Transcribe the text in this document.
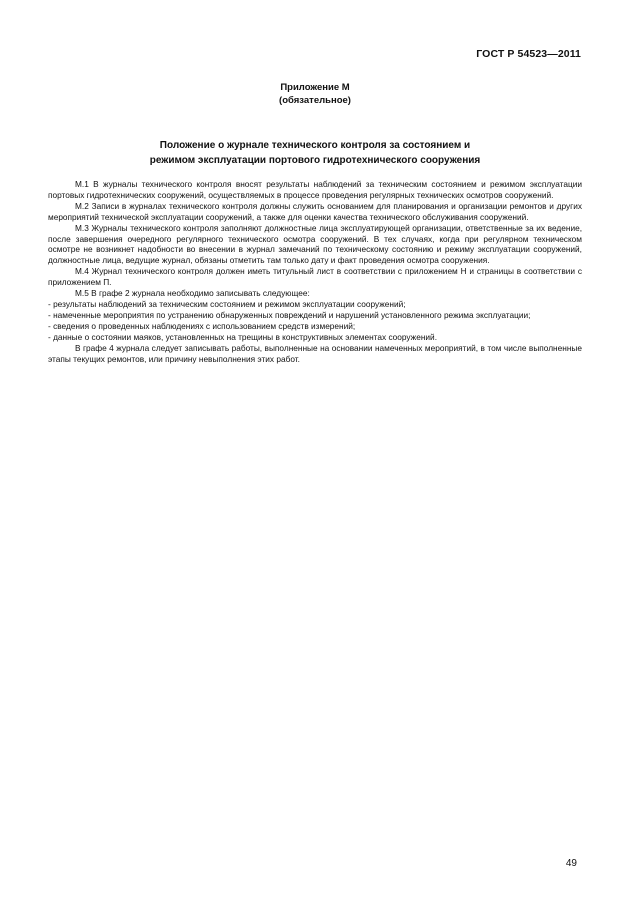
ГОСТ Р 54523—2011
Приложение М
(обязательное)
Положение о журнале технического контроля за состоянием и
режимом эксплуатации портового гидротехнического сооружения

М.1 В журналы технического контроля вносят результаты наблюдений за техническим состоянием и режимом эксплуатации портовых гидротехнических сооружений, осуществляемых в процессе проведения регулярных технических осмотров сооружений.

М.2 Записи в журналах технического контроля должны служить основанием для планирования и организации ремонтов и других мероприятий технической эксплуатации сооружений, а также для оценки качества технического обслуживания сооружений.

М.3 Журналы технического контроля заполняют должностные лица эксплуатирующей организации, ответственные за их ведение, после завершения очередного регулярного технического осмотра сооружений. В тех случаях, когда при регулярном техническом осмотре не возникнет надобности во внесении в журнал замечаний по техническому состоянию и режиму эксплуатации сооружений, должностные лица, ведущие журнал, обязаны отметить там только дату и факт проведения осмотра сооружения.

М.4 Журнал технического контроля должен иметь титульный лист в соответствии с приложением Н и страницы в соответствии с приложением П.

М.5 В графе 2 журнала необходимо записывать следующее:

- результаты наблюдений за техническим состоянием и режимом эксплуатации сооружений;

- намеченные мероприятия по устранению обнаруженных повреждений и нарушений установленного режима эксплуатации;

- сведения о проведенных наблюдениях с использованием средств измерений;

- данные о состоянии маяков, установленных на трещины в конструктивных элементах сооружений.

В графе 4 журнала следует записывать работы, выполненные на основании намеченных мероприятий, в том числе выполненные этапы текущих ремонтов, или причину невыполнения этих работ.

49
